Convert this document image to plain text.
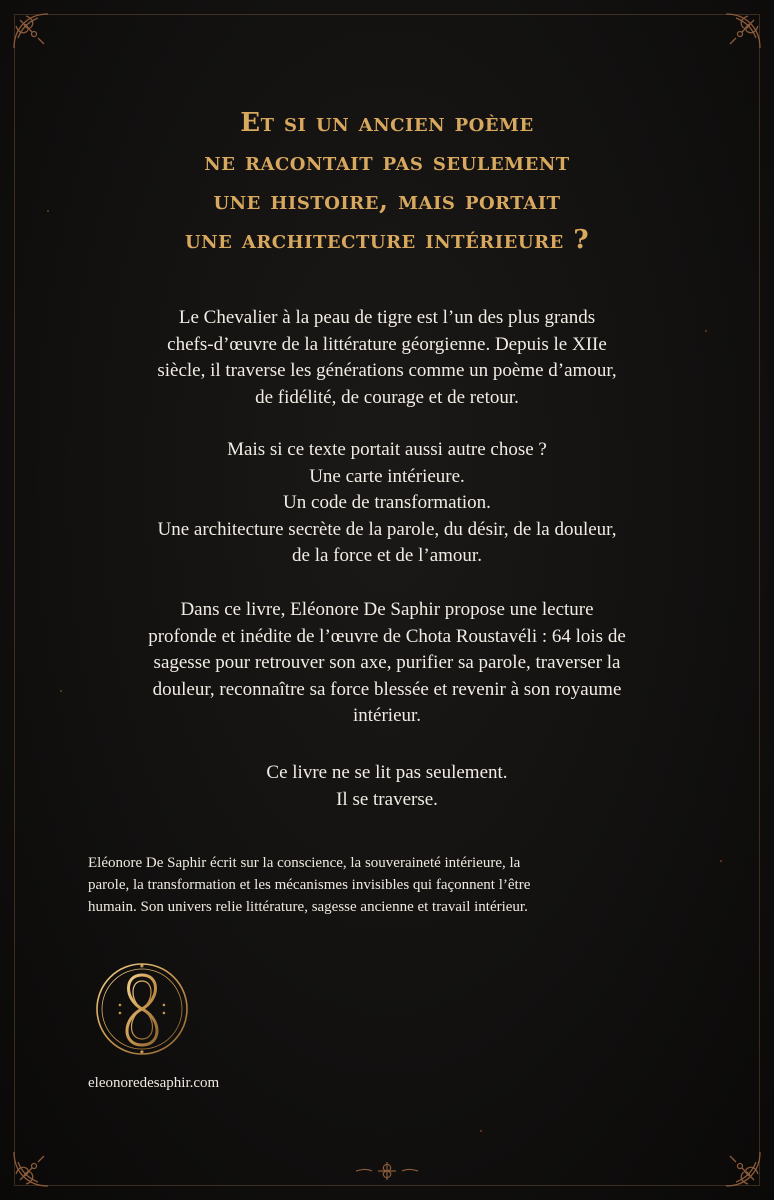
Et si un ancien poème
ne racontait pas seulement
une histoire, mais portait
une architecture intérieure ?
Le Chevalier à la peau de tigre est l’un des plus grands
chefs-d’œuvre de la littérature géorgienne. Depuis le XIIe
siècle, il traverse les générations comme un poème d’amour,
de fidélité, de courage et de retour.
Mais si ce texte portait aussi autre chose ?
Une carte intérieure.
Un code de transformation.
Une architecture secrète de la parole, du désir, de la douleur,
de la force et de l’amour.
Dans ce livre, Eléonore De Saphir propose une lecture
profonde et inédite de l’œuvre de Chota Roustavéli : 64 lois de
sagesse pour retrouver son axe, purifier sa parole, traverser la
douleur, reconnaître sa force blessée et revenir à son royaume
intérieur.
Ce livre ne se lit pas seulement.
Il se traverse.
Eléonore De Saphir écrit sur la conscience, la souveraineté intérieure, la
parole, la transformation et les mécanismes invisibles qui façonnent l’être
humain. Son univers relie littérature, sagesse ancienne et travail intérieur.
eleonoredesaphir.com
